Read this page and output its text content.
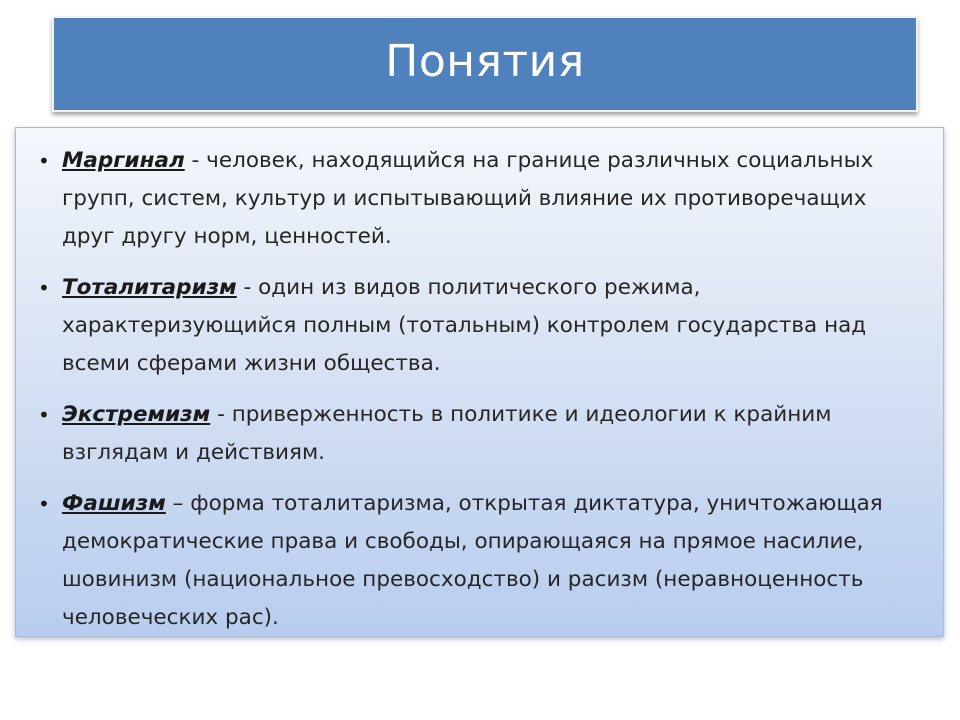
Понятия
• Маргинал - человек, находящийся на границе различных социальных групп, систем, культур и испытывающий влияние их противоречащих друг другу норм, ценностей.
• Тоталитаризм - один из видов политического режима, характеризующийся полным (тотальным) контролем государства над всеми сферами жизни общества.
• Экстремизм - приверженность в политике и идеологии к крайним взглядам и действиям.
• Фашизм – форма тоталитаризма, открытая диктатура, уничтожающая демократические права и свободы, опирающаяся на прямое насилие, шовинизм (национальное превосходство) и расизм (неравноценность человеческих рас).
